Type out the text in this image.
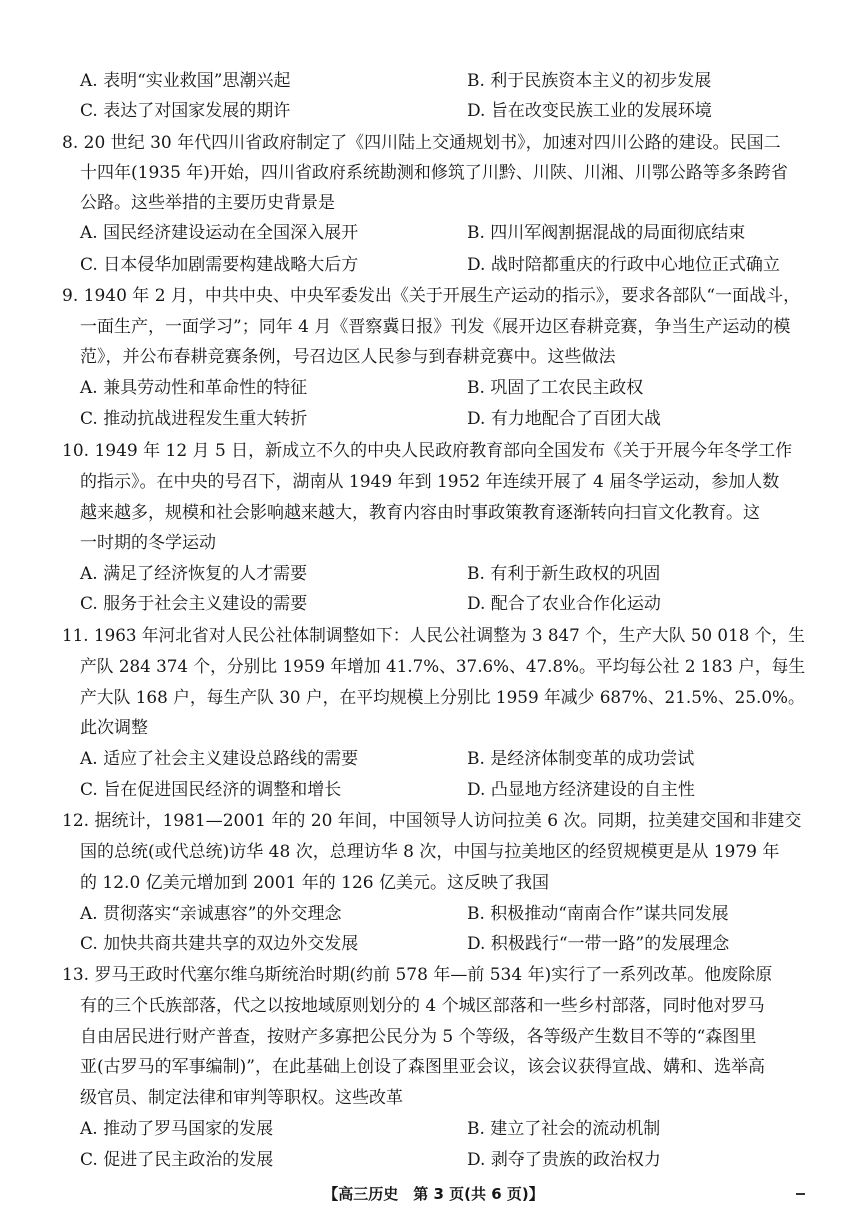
A. 表明“实业救国”思潮兴起	B. 利于民族资本主义的初步发展
C. 表达了对国家发展的期许	D. 旨在改变民族工业的发展环境
8. 20 世纪 30 年代四川省政府制定了《四川陆上交通规划书》，加速对四川公路的建设。民国二
十四年(1935 年)开始，四川省政府系统勘测和修筑了川黔、川陕、川湘、川鄂公路等多条跨省
公路。这些举措的主要历史背景是
A. 国民经济建设运动在全国深入展开	B. 四川军阀割据混战的局面彻底结束
C. 日本侵华加剧需要构建战略大后方	D. 战时陪都重庆的行政中心地位正式确立
9. 1940 年 2 月，中共中央、中央军委发出《关于开展生产运动的指示》，要求各部队“一面战斗，
一面生产，一面学习”；同年 4 月《晋察冀日报》刊发《展开边区春耕竞赛，争当生产运动的模
范》，并公布春耕竞赛条例，号召边区人民参与到春耕竞赛中。这些做法
A. 兼具劳动性和革命性的特征	B. 巩固了工农民主政权
C. 推动抗战进程发生重大转折	D. 有力地配合了百团大战
10. 1949 年 12 月 5 日，新成立不久的中央人民政府教育部向全国发布《关于开展今年冬学工作
的指示》。在中央的号召下，湖南从 1949 年到 1952 年连续开展了 4 届冬学运动，参加人数
越来越多，规模和社会影响越来越大，教育内容由时事政策教育逐渐转向扫盲文化教育。这
一时期的冬学运动
A. 满足了经济恢复的人才需要	B. 有利于新生政权的巩固
C. 服务于社会主义建设的需要	D. 配合了农业合作化运动
11. 1963 年河北省对人民公社体制调整如下：人民公社调整为 3 847 个，生产大队 50 018 个，生
产队 284 374 个，分别比 1959 年增加 41.7%、37.6%、47.8%。平均每公社 2 183 户，每生
产大队 168 户，每生产队 30 户，在平均规模上分别比 1959 年减少 687%、21.5%、25.0%。
此次调整
A. 适应了社会主义建设总路线的需要	B. 是经济体制变革的成功尝试
C. 旨在促进国民经济的调整和增长	D. 凸显地方经济建设的自主性
12. 据统计，1981—2001 年的 20 年间，中国领导人访问拉美 6 次。同期，拉美建交国和非建交
国的总统(或代总统)访华 48 次，总理访华 8 次，中国与拉美地区的经贸规模更是从 1979 年
的 12.0 亿美元增加到 2001 年的 126 亿美元。这反映了我国
A. 贯彻落实“亲诚惠容”的外交理念	B. 积极推动“南南合作”谋共同发展
C. 加快共商共建共享的双边外交发展	D. 积极践行“一带一路”的发展理念
13. 罗马王政时代塞尔维乌斯统治时期(约前 578 年—前 534 年)实行了一系列改革。他废除原
有的三个氏族部落，代之以按地域原则划分的 4 个城区部落和一些乡村部落，同时他对罗马
自由居民进行财产普查，按财产多寡把公民分为 5 个等级，各等级产生数目不等的“森图里
亚(古罗马的军事编制)”，在此基础上创设了森图里亚会议，该会议获得宣战、媾和、选举高
级官员、制定法律和审判等职权。这些改革
A. 推动了罗马国家的发展	B. 建立了社会的流动机制
C. 促进了民主政治的发展	D. 剥夺了贵族的政治权力
【高三历史　第 3 页(共 6 页)】
